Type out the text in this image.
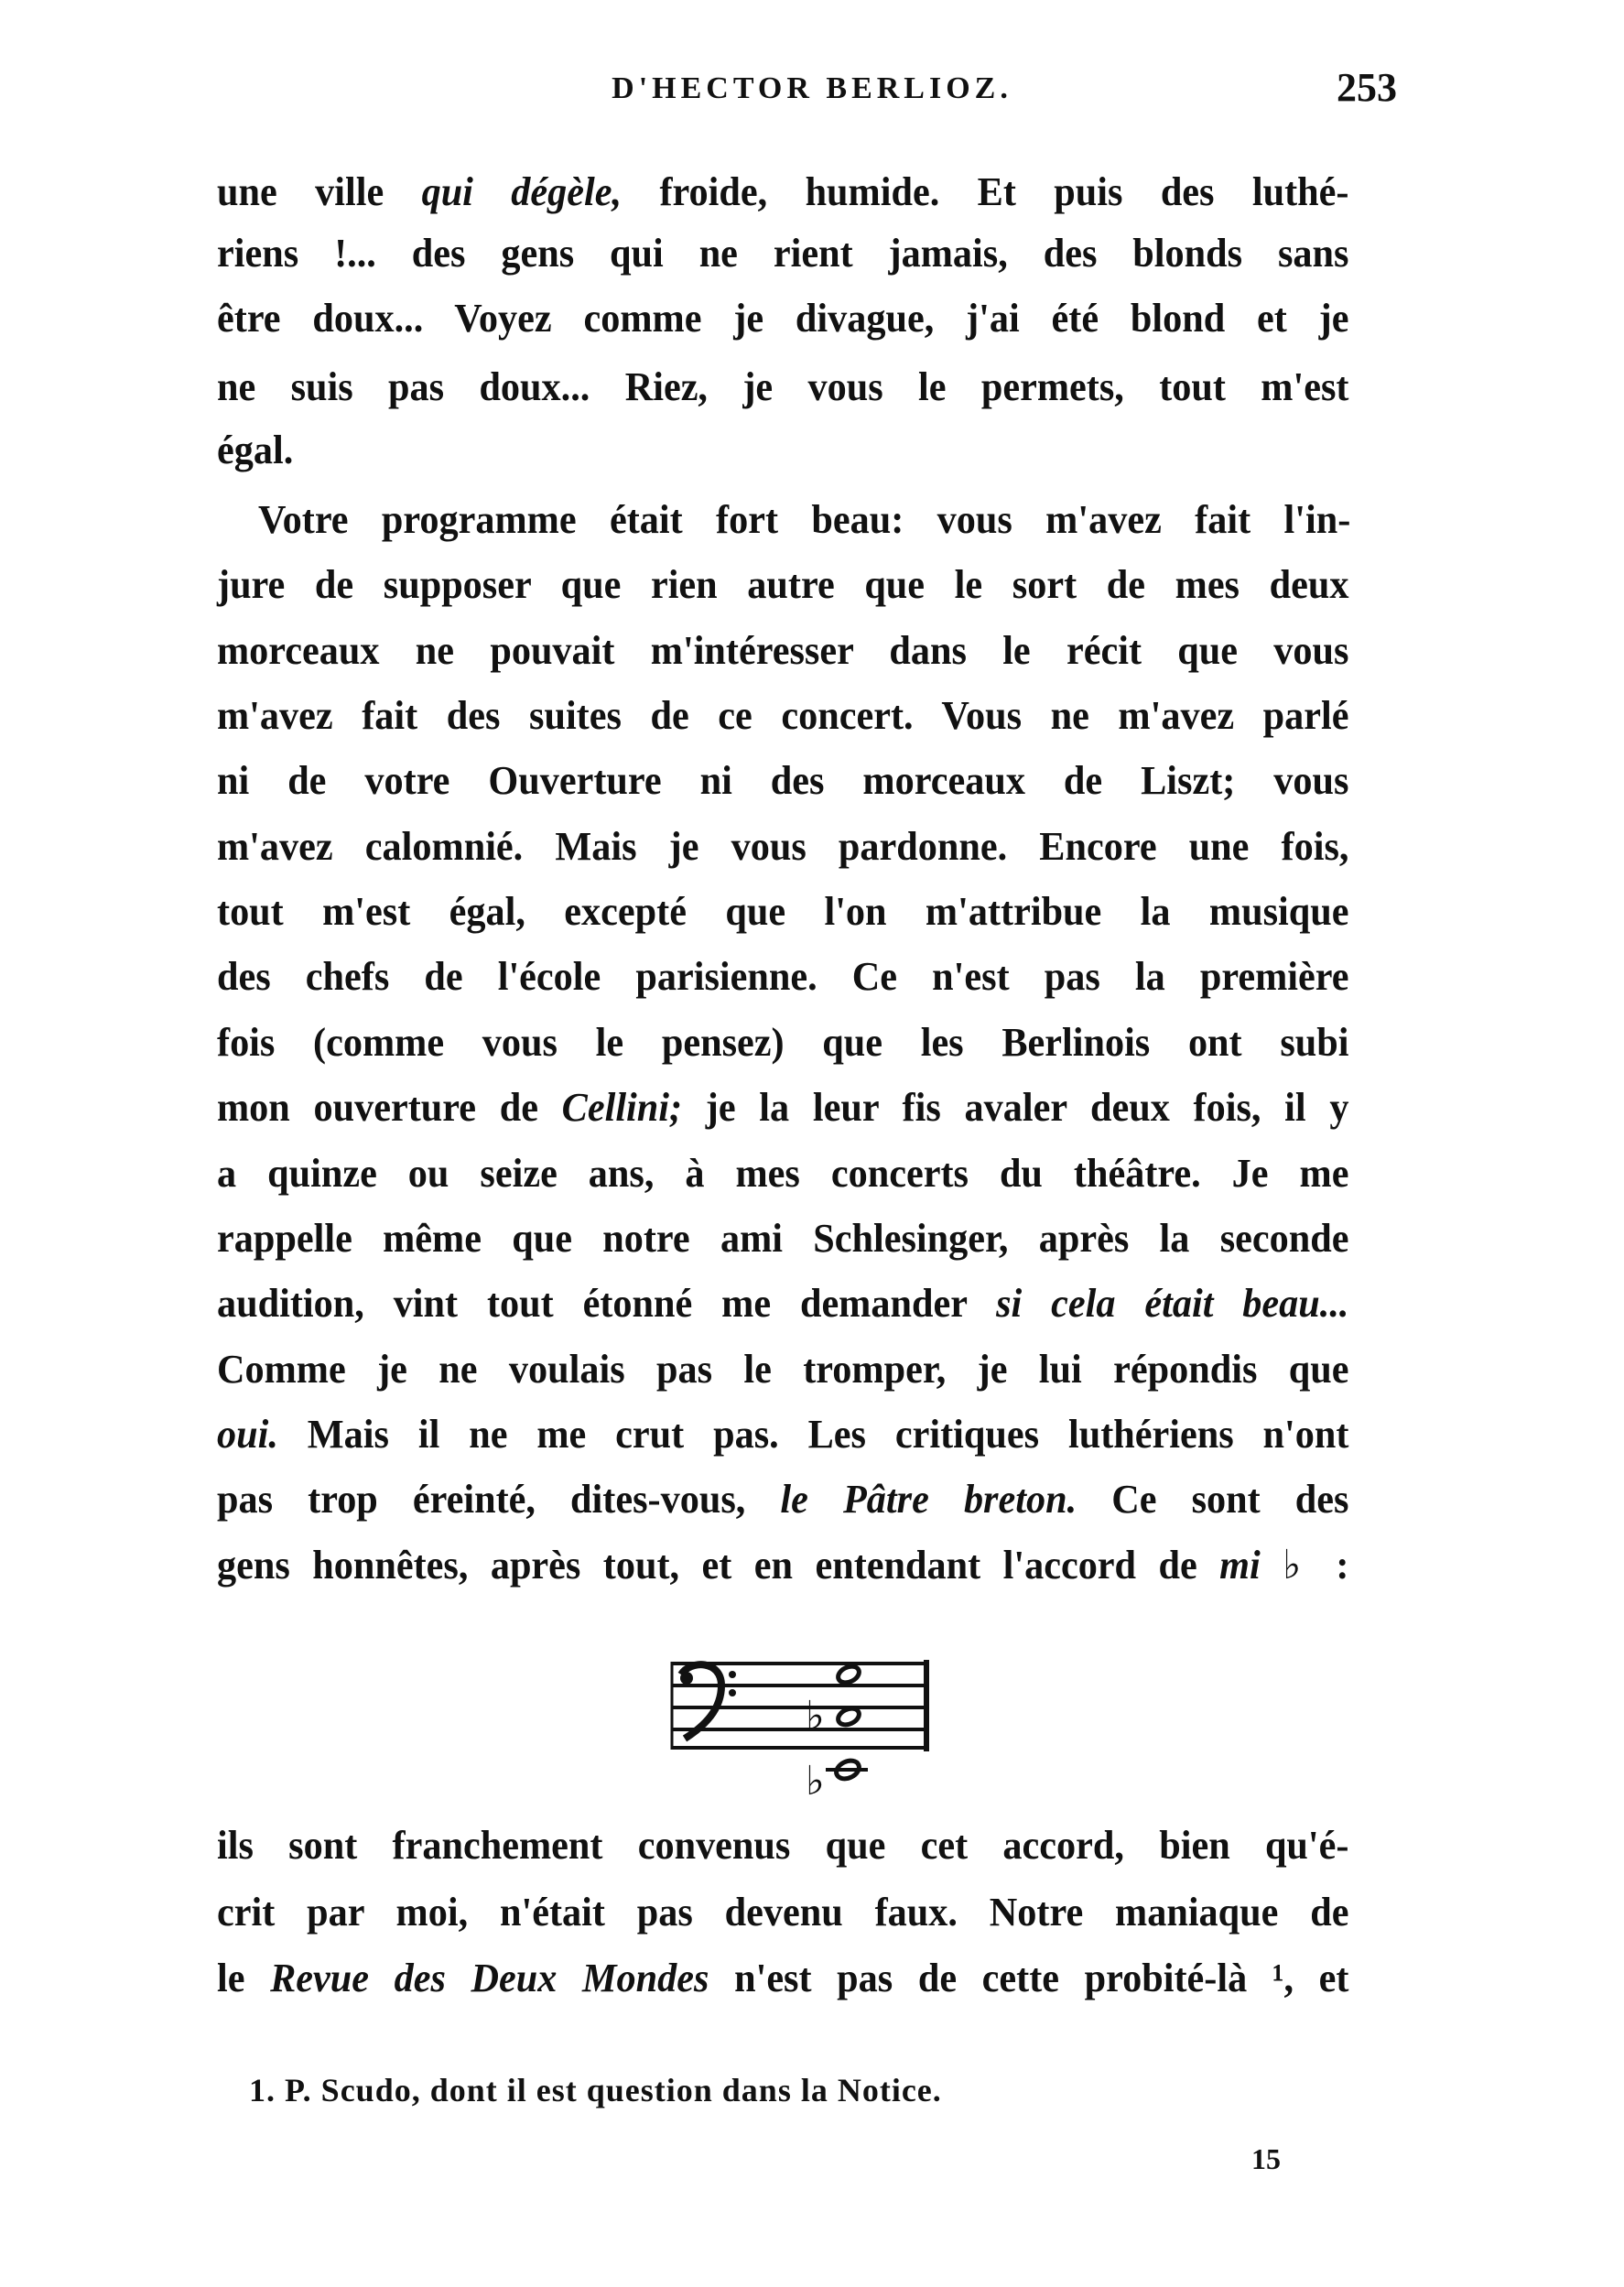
D'HECTOR BERLIOZ.	253
une ville qui dégèle, froide, humide. Et puis des luthé-
riens !... des gens qui ne rient jamais, des blonds sans
être doux... Voyez comme je divague, j'ai été blond et je
ne suis pas doux... Riez, je vous le permets, tout m'est
égal.
Votre programme était fort beau: vous m'avez fait l'in-
jure de supposer que rien autre que le sort de mes deux
morceaux ne pouvait m'intéresser dans le récit que vous
m'avez fait des suites de ce concert. Vous ne m'avez parlé
ni de votre Ouverture ni des morceaux de Liszt; vous
m'avez calomnié. Mais je vous pardonne. Encore une fois,
tout m'est égal, excepté que l'on m'attribue la musique
des chefs de l'école parisienne. Ce n'est pas la première
fois (comme vous le pensez) que les Berlinois ont subi
mon ouverture de Cellini; je la leur fis avaler deux fois, il y
a quinze ou seize ans, à mes concerts du théâtre. Je me
rappelle même que notre ami Schlesinger, après la seconde
audition, vint tout étonné me demander si cela était beau...
Comme je ne voulais pas le tromper, je lui répondis que
oui. Mais il ne me crut pas. Les critiques luthériens n'ont
pas trop éreinté, dites-vous, le Pâtre breton. Ce sont des
gens honnêtes, après tout, et en entendant l'accord de mi ♭ :
ils sont franchement convenus que cet accord, bien qu'é-
crit par moi, n'était pas devenu faux. Notre maniaque de
le Revue des Deux Mondes n'est pas de cette probité-là ¹, et
♭
♭
1. P. Scudo, dont il est question dans la Notice.
15
